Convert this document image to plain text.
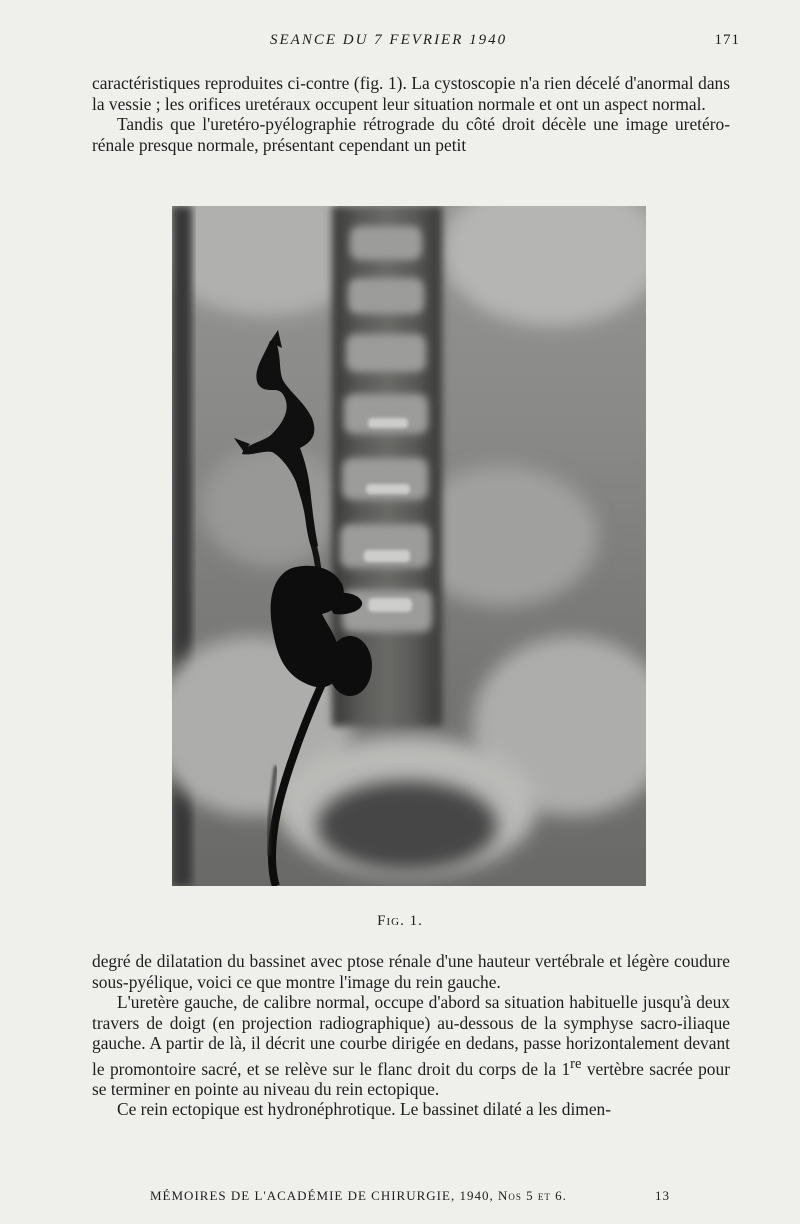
SEANCE DU 7 FEVRIER 1940	171

caractéristiques reproduites ci-contre (fig. 1). La cystoscopie n'a rien décelé d'anormal dans la vessie ; les orifices uretéraux occupent leur situation normale et ont un aspect normal.

Tandis que l'uretéro-pyélographie rétrograde du côté droit décèle une image uretéro-rénale presque normale, présentant cependant un petit

Fig. 1.

degré de dilatation du bassinet avec ptose rénale d'une hauteur vertébrale et légère coudure sous-pyélique, voici ce que montre l'image du rein gauche.

L'uretère gauche, de calibre normal, occupe d'abord sa situation habituelle jusqu'à deux travers de doigt (en projection radiographique) au-dessous de la symphyse sacro-iliaque gauche. A partir de là, il décrit une courbe dirigée en dedans, passe horizontalement devant le promontoire sacré, et se relève sur le flanc droit du corps de la 1re vertèbre sacrée pour se terminer en pointe au niveau du rein ectopique.

Ce rein ectopique est hydronéphrotique. Le bassinet dilaté a les dimen-

MÉMOIRES DE L'ACADÉMIE DE CHIRURGIE, 1940, Nos 5 et 6.	13
